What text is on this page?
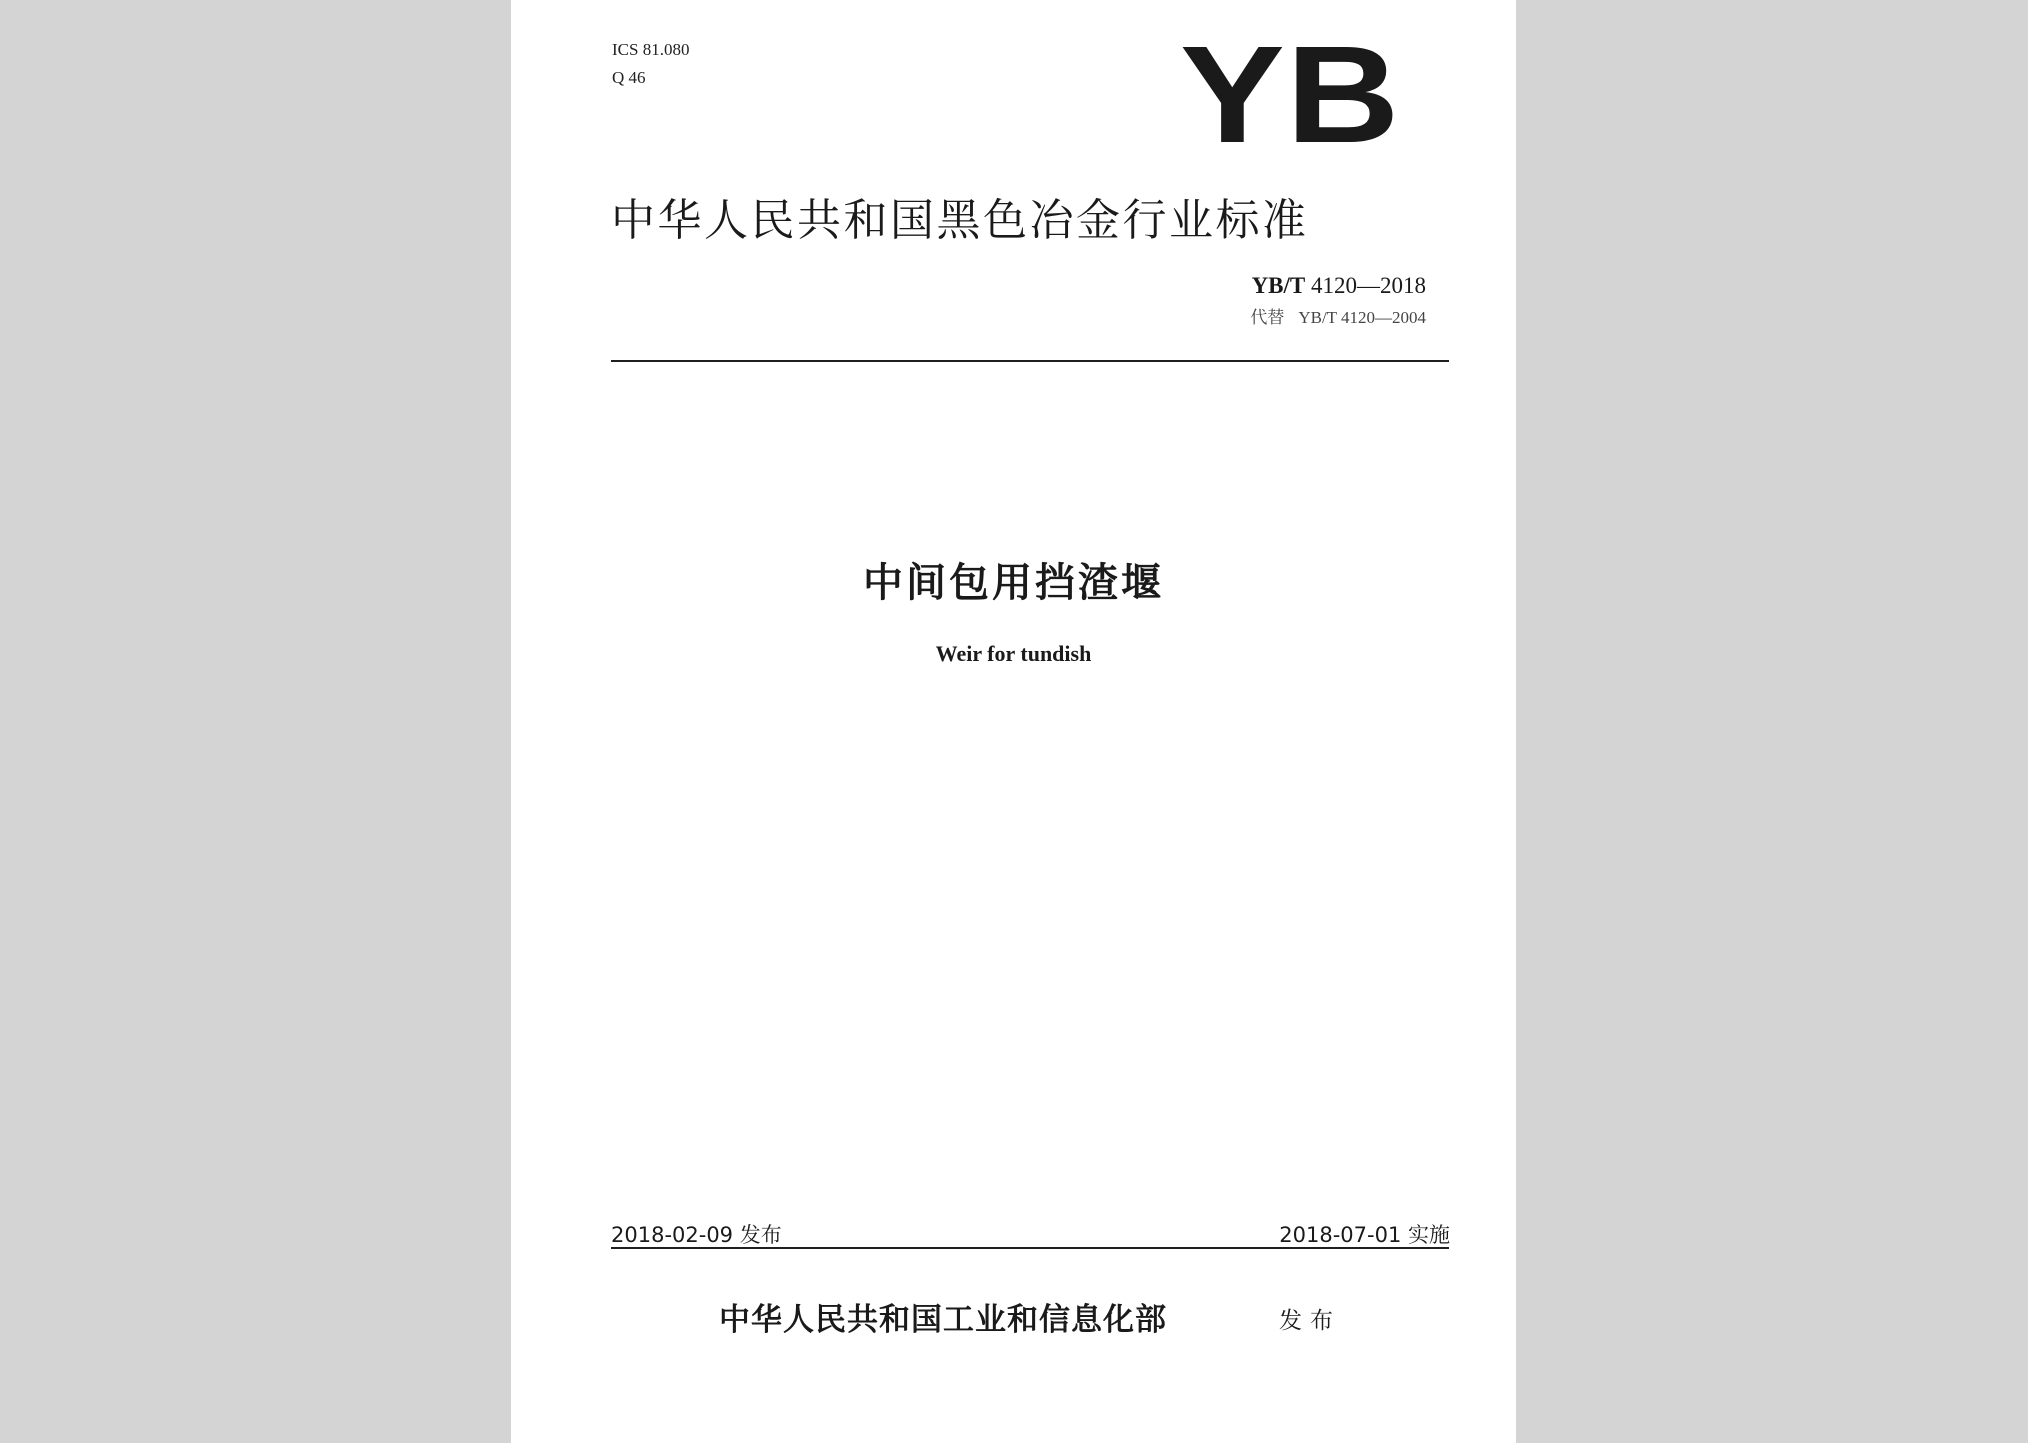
ICS 81.080
Q 46	YB
中华人民共和国黑色冶金行业标准
YB/T 4120—2018
代替 YB/T 4120—2004
中间包用挡渣堰
Weir for tundish
2018-02-09 发布	2018-07-01 实施
中华人民共和国工业和信息化部	发布
